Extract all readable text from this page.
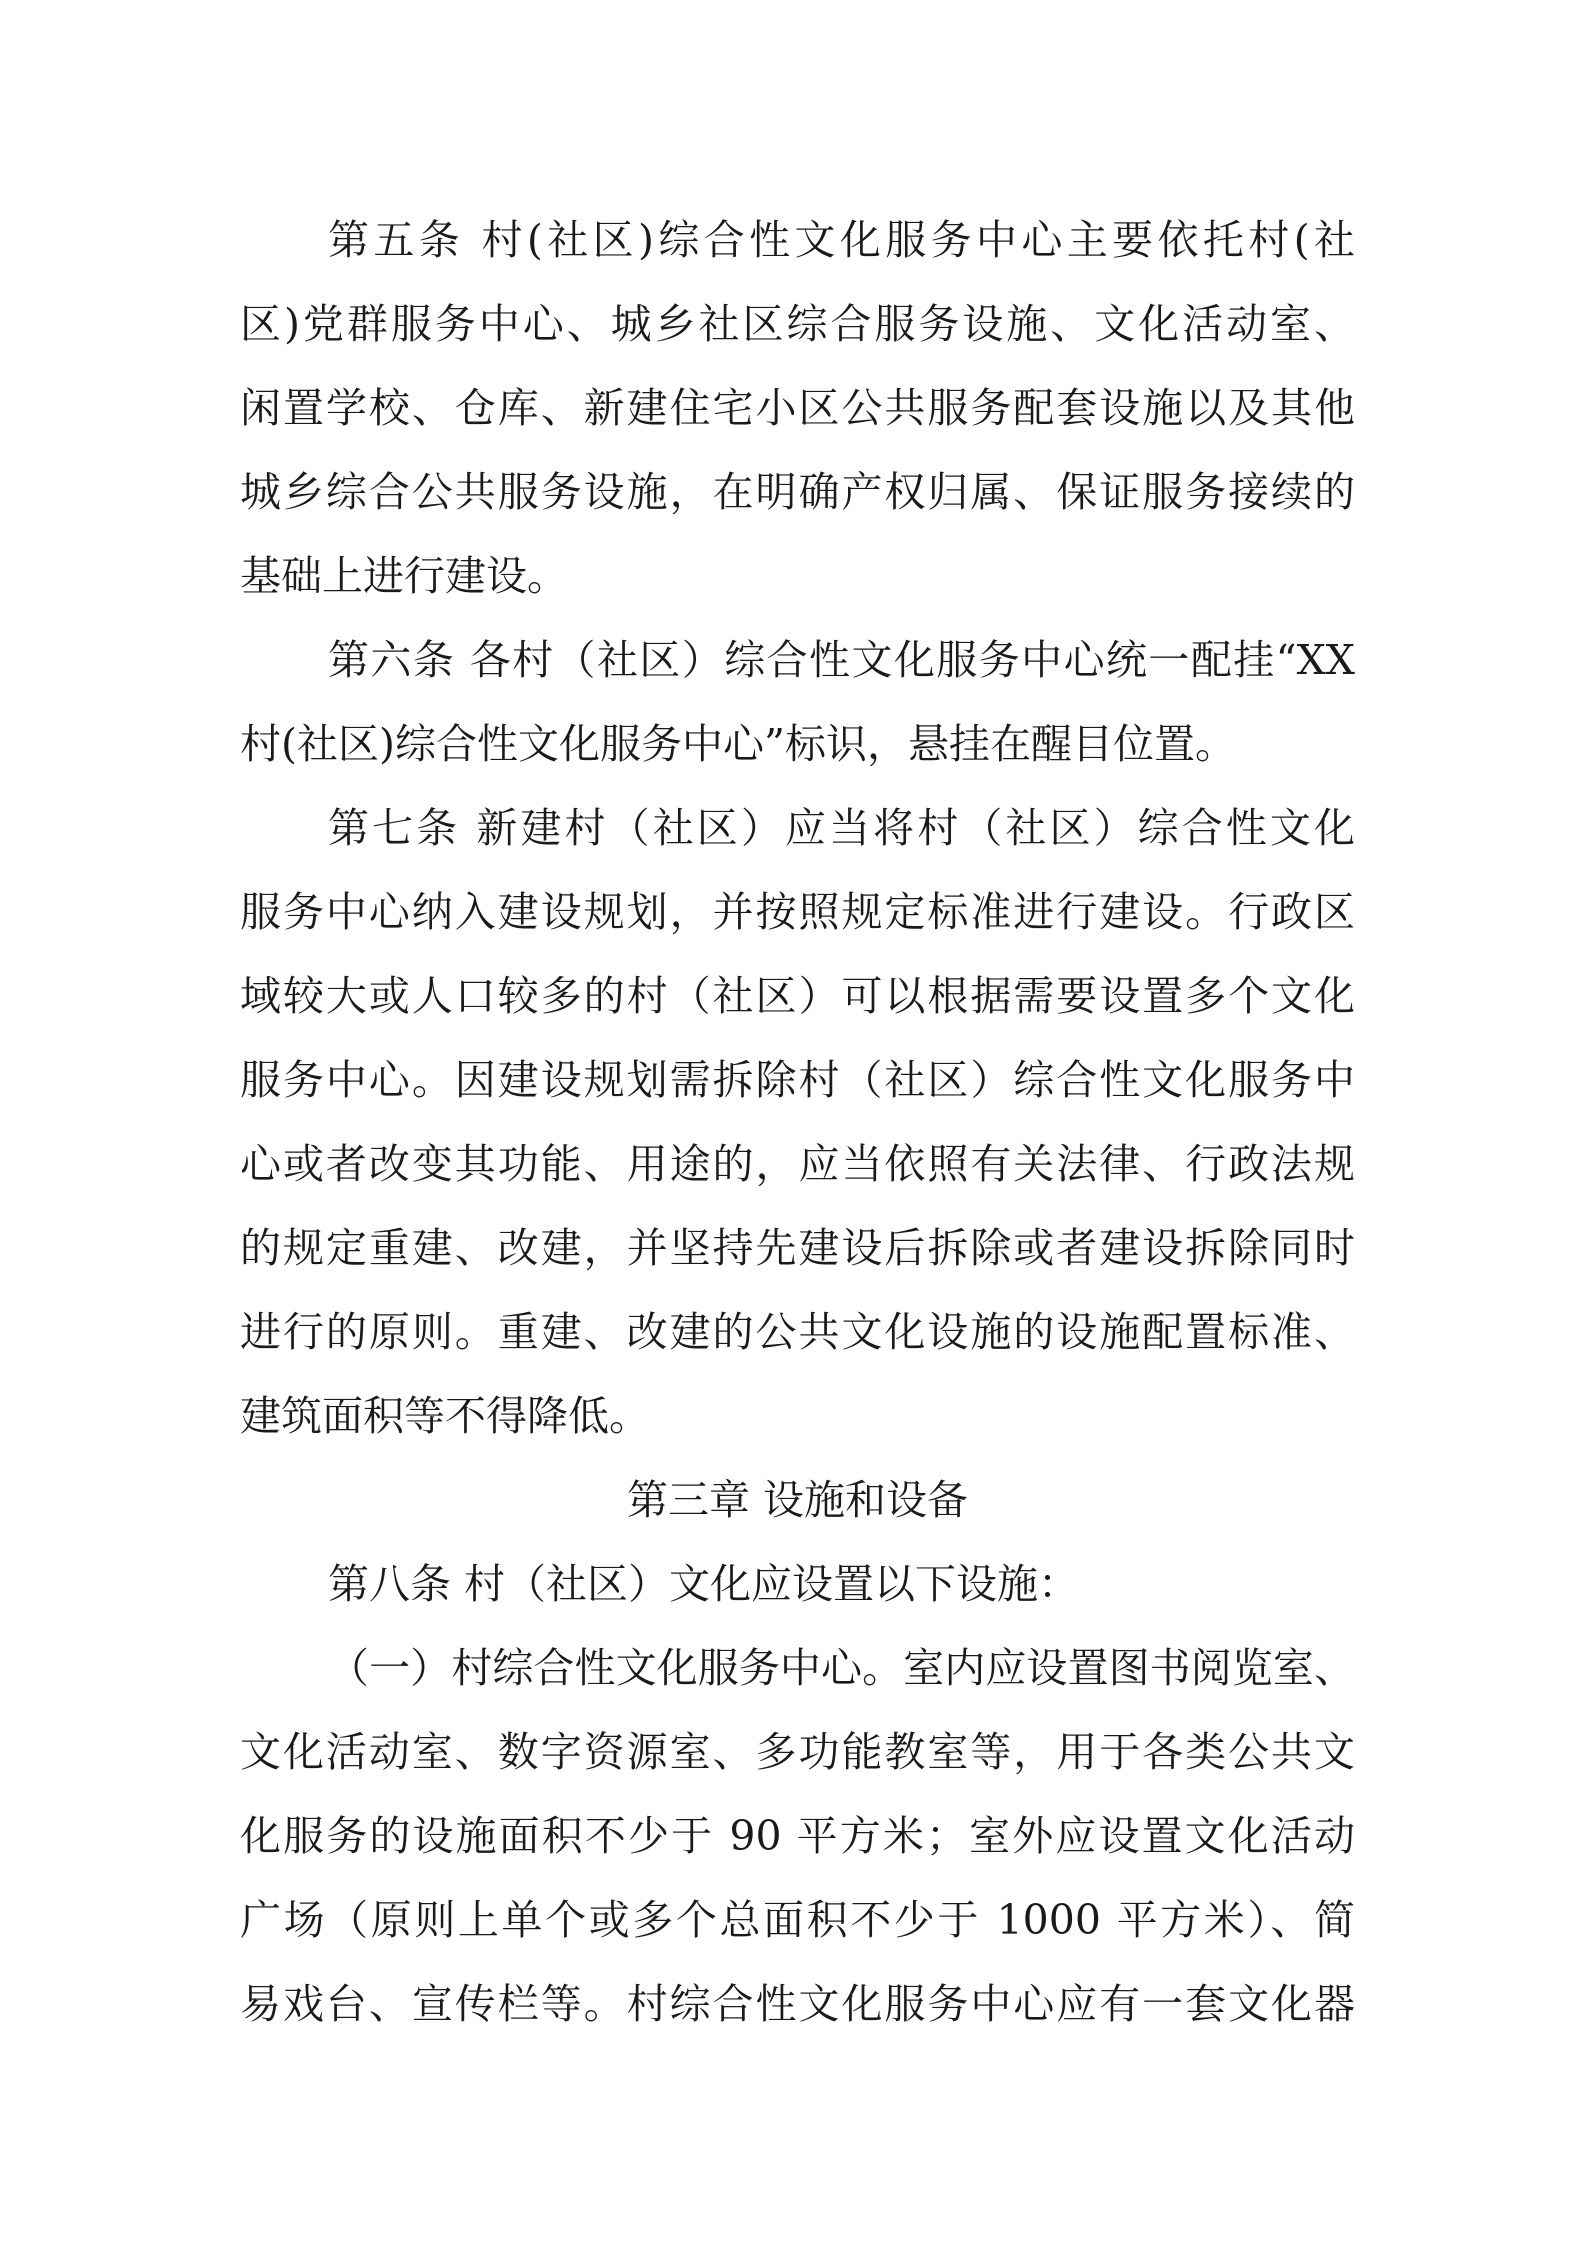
第五条 村(社区)综合性文化服务中心主要依托村(社
区)党群服务中心、城乡社区综合服务设施、文化活动室、
闲置学校、仓库、新建住宅小区公共服务配套设施以及其他
城乡综合公共服务设施，在明确产权归属、保证服务接续的
基础上进行建设。
第六条 各村（社区）综合性文化服务中心统一配挂“XX
村(社区)综合性文化服务中心”标识，悬挂在醒目位置。
第七条 新建村（社区）应当将村（社区）综合性文化
服务中心纳入建设规划，并按照规定标准进行建设。行政区
域较大或人口较多的村（社区）可以根据需要设置多个文化
服务中心。因建设规划需拆除村（社区）综合性文化服务中
心或者改变其功能、用途的，应当依照有关法律、行政法规
的规定重建、改建，并坚持先建设后拆除或者建设拆除同时
进行的原则。重建、改建的公共文化设施的设施配置标准、
建筑面积等不得降低。
第三章 设施和设备
第八条 村（社区）文化应设置以下设施：
（一）村综合性文化服务中心。室内应设置图书阅览室、
文化活动室、数字资源室、多功能教室等，用于各类公共文
化服务的设施面积不少于 90 平方米；室外应设置文化活动
广场（原则上单个或多个总面积不少于 1000 平方米）、简
易戏台、宣传栏等。村综合性文化服务中心应有一套文化器
